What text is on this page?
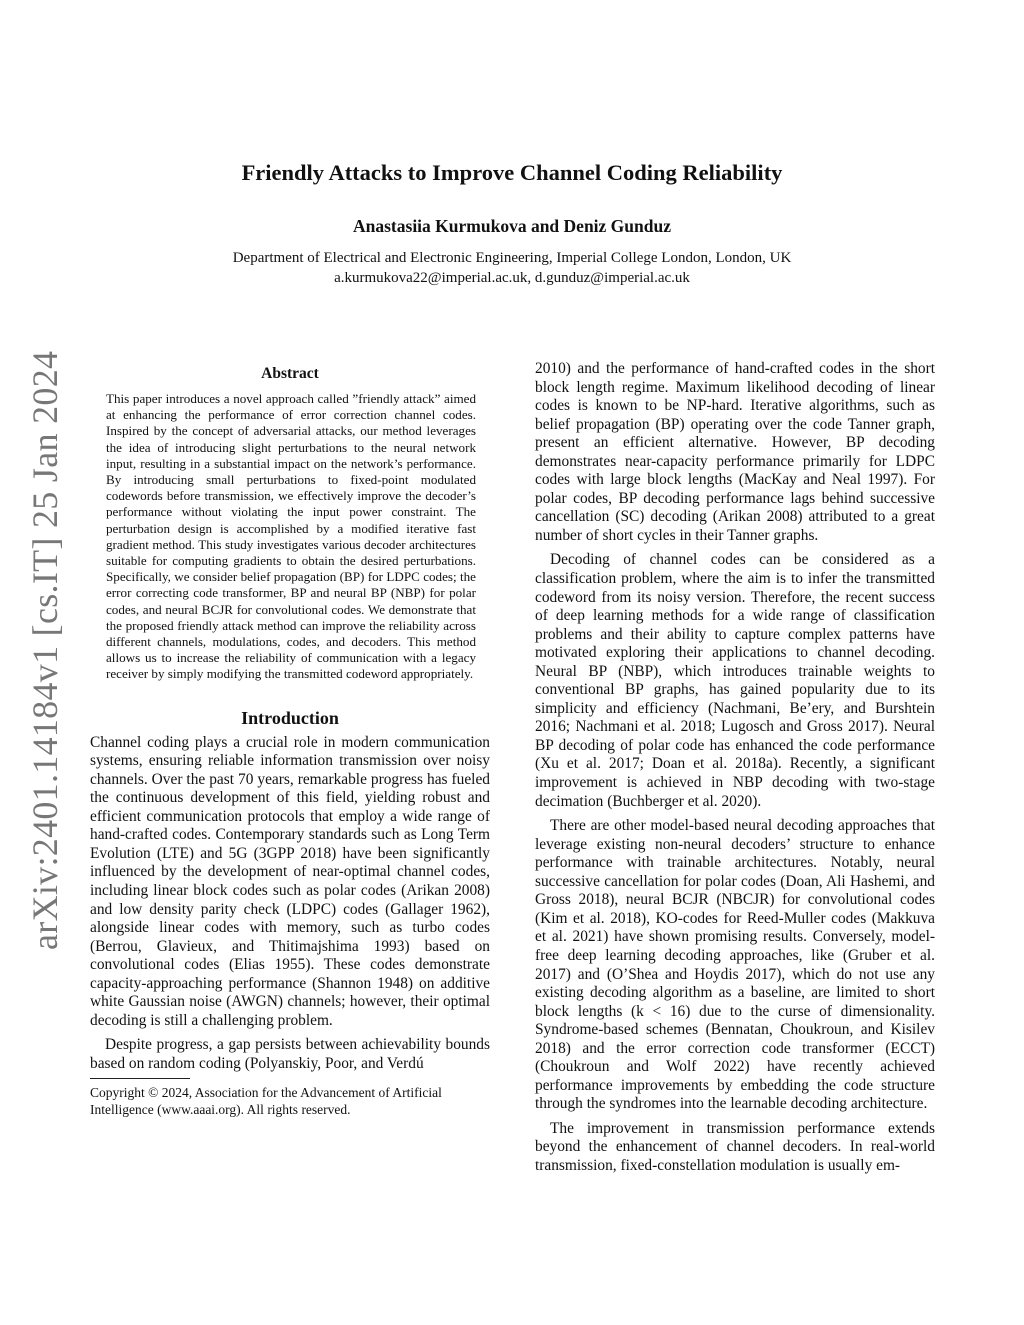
Friendly Attacks to Improve Channel Coding Reliability
Anastasiia Kurmukova and Deniz Gunduz
Department of Electrical and Electronic Engineering, Imperial College London, London, UK
a.kurmukova22@imperial.ac.uk, d.gunduz@imperial.ac.uk
arXiv:2401.14184v1 [cs.IT] 25 Jan 2024	Abstract
This paper introduces a novel approach called ”friendly attack” aimed at enhancing the performance of error correction channel codes. Inspired by the concept of adversarial attacks, our method leverages the idea of introducing slight perturbations to the neural network input, resulting in a substantial impact on the network’s performance. By introducing small perturbations to fixed-point modulated codewords before transmission, we effectively improve the decoder’s performance without violating the input power constraint. The perturbation design is accomplished by a modified iterative fast gradient method. This study investigates various decoder architectures suitable for computing gradients to obtain the desired perturbations. Specifically, we consider belief propagation (BP) for LDPC codes; the error correcting code transformer, BP and neural BP (NBP) for polar codes, and neural BCJR for convolutional codes. We demonstrate that the proposed friendly attack method can improve the reliability across different channels, modulations, codes, and decoders. This method allows us to increase the reliability of communication with a legacy receiver by simply modifying the transmitted codeword appropriately.
Introduction

Channel coding plays a crucial role in modern communication systems, ensuring reliable information transmission over noisy channels. Over the past 70 years, remarkable progress has fueled the continuous development of this field, yielding robust and efficient communication protocols that employ a wide range of hand-crafted codes. Contemporary standards such as Long Term Evolution (LTE) and 5G (3GPP 2018) have been significantly influenced by the development of near-optimal channel codes, including linear block codes such as polar codes (Arikan 2008) and low density parity check (LDPC) codes (Gallager 1962), alongside linear codes with memory, such as turbo codes (Berrou, Glavieux, and Thitimajshima 1993) based on convolutional codes (Elias 1955). These codes demonstrate capacity-approaching performance (Shannon 1948) on additive white Gaussian noise (AWGN) channels; however, their optimal decoding is still a challenging problem.

Despite progress, a gap persists between achievability bounds based on random coding (Polyanskiy, Poor, and Verdú

Copyright © 2024, Association for the Advancement of Artificial Intelligence (www.aaai.org). All rights reserved.

2010) and the performance of hand-crafted codes in the short block length regime. Maximum likelihood decoding of linear codes is known to be NP-hard. Iterative algorithms, such as belief propagation (BP) operating over the code Tanner graph, present an efficient alternative. However, BP decoding demonstrates near-capacity performance primarily for LDPC codes with large block lengths (MacKay and Neal 1997). For polar codes, BP decoding performance lags behind successive cancellation (SC) decoding (Arikan 2008) attributed to a great number of short cycles in their Tanner graphs.

Decoding of channel codes can be considered as a classification problem, where the aim is to infer the transmitted codeword from its noisy version. Therefore, the recent success of deep learning methods for a wide range of classification problems and their ability to capture complex patterns have motivated exploring their applications to channel decoding. Neural BP (NBP), which introduces trainable weights to conventional BP graphs, has gained popularity due to its simplicity and efficiency (Nachmani, Be’ery, and Burshtein 2016; Nachmani et al. 2018; Lugosch and Gross 2017). Neural BP decoding of polar code has enhanced the code performance (Xu et al. 2017; Doan et al. 2018a). Recently, a significant improvement is achieved in NBP decoding with two-stage decimation (Buchberger et al. 2020).

There are other model-based neural decoding approaches that leverage existing non-neural decoders’ structure to enhance performance with trainable architectures. Notably, neural successive cancellation for polar codes (Doan, Ali Hashemi, and Gross 2018), neural BCJR (NBCJR) for convolutional codes (Kim et al. 2018), KO-codes for Reed-Muller codes (Makkuva et al. 2021) have shown promising results. Conversely, model-free deep learning decoding approaches, like (Gruber et al. 2017) and (O’Shea and Hoydis 2017), which do not use any existing decoding algorithm as a baseline, are limited to short block lengths (k < 16) due to the curse of dimensionality. Syndrome-based schemes (Bennatan, Choukroun, and Kisilev 2018) and the error correction code transformer (ECCT) (Choukroun and Wolf 2022) have recently achieved performance improvements by embedding the code structure through the syndromes into the learnable decoding architecture.

The improvement in transmission performance extends beyond the enhancement of channel decoders. In real-world transmission, fixed-constellation modulation is usually em-
